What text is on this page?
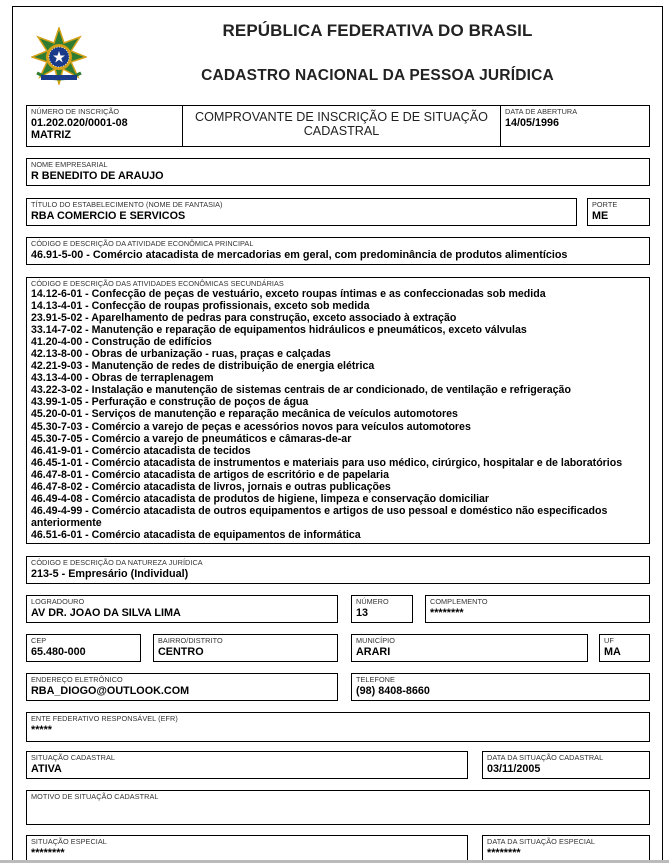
REPÚBLICA FEDERATIVA DO BRASIL
CADASTRO NACIONAL DA PESSOA JURÍDICA
NÚMERO DE INSCRIÇÃO
01.202.020/0001-08
MATRIZ
COMPROVANTE DE INSCRIÇÃO E DE SITUAÇÃO
CADASTRAL
DATA DE ABERTURA
14/05/1996
NOME EMPRESARIAL
R BENEDITO DE ARAUJO
TÍTULO DO ESTABELECIMENTO (NOME DE FANTASIA)
RBA COMERCIO E SERVICOS
PORTE
ME
CÓDIGO E DESCRIÇÃO DA ATIVIDADE ECONÔMICA PRINCIPAL
46.91-5-00 - Comércio atacadista de mercadorias em geral, com predominância de produtos alimentícios
CÓDIGO E DESCRIÇÃO DAS ATIVIDADES ECONÔMICAS SECUNDÁRIAS
14.12-6-01 - Confecção de peças de vestuário, exceto roupas íntimas e as confeccionadas sob medida
14.13-4-01 - Confecção de roupas profissionais, exceto sob medida
23.91-5-02 - Aparelhamento de pedras para construção, exceto associado à extração
33.14-7-02 - Manutenção e reparação de equipamentos hidráulicos e pneumáticos, exceto válvulas
41.20-4-00 - Construção de edifícios
42.13-8-00 - Obras de urbanização - ruas, praças e calçadas
42.21-9-03 - Manutenção de redes de distribuição de energia elétrica
43.13-4-00 - Obras de terraplenagem
43.22-3-02 - Instalação e manutenção de sistemas centrais de ar condicionado, de ventilação e refrigeração
43.99-1-05 - Perfuração e construção de poços de água
45.20-0-01 - Serviços de manutenção e reparação mecânica de veículos automotores
45.30-7-03 - Comércio a varejo de peças e acessórios novos para veículos automotores
45.30-7-05 - Comércio a varejo de pneumáticos e câmaras-de-ar
46.41-9-01 - Comércio atacadista de tecidos
46.45-1-01 - Comércio atacadista de instrumentos e materiais para uso médico, cirúrgico, hospitalar e de laboratórios
46.47-8-01 - Comércio atacadista de artigos de escritório e de papelaria
46.47-8-02 - Comércio atacadista de livros, jornais e outras publicações
46.49-4-08 - Comércio atacadista de produtos de higiene, limpeza e conservação domiciliar
46.49-4-99 - Comércio atacadista de outros equipamentos e artigos de uso pessoal e doméstico não especificados anteriormente
46.51-6-01 - Comércio atacadista de equipamentos de informática
CÓDIGO E DESCRIÇÃO DA NATUREZA JURÍDICA
213-5 - Empresário (Individual)
LOGRADOURO
AV DR. JOAO DA SILVA LIMA
NÚMERO
13
COMPLEMENTO
********
CEP
65.480-000
BAIRRO/DISTRITO
CENTRO
MUNICÍPIO
ARARI
UF
MA
ENDEREÇO ELETRÔNICO
RBA_DIOGO@OUTLOOK.COM
TELEFONE
(98) 8408-8660
ENTE FEDERATIVO RESPONSÁVEL (EFR)
*****
SITUAÇÃO CADASTRAL
ATIVA
DATA DA SITUAÇÃO CADASTRAL
03/11/2005
MOTIVO DE SITUAÇÃO CADASTRAL
SITUAÇÃO ESPECIAL
********
DATA DA SITUAÇÃO ESPECIAL
********
